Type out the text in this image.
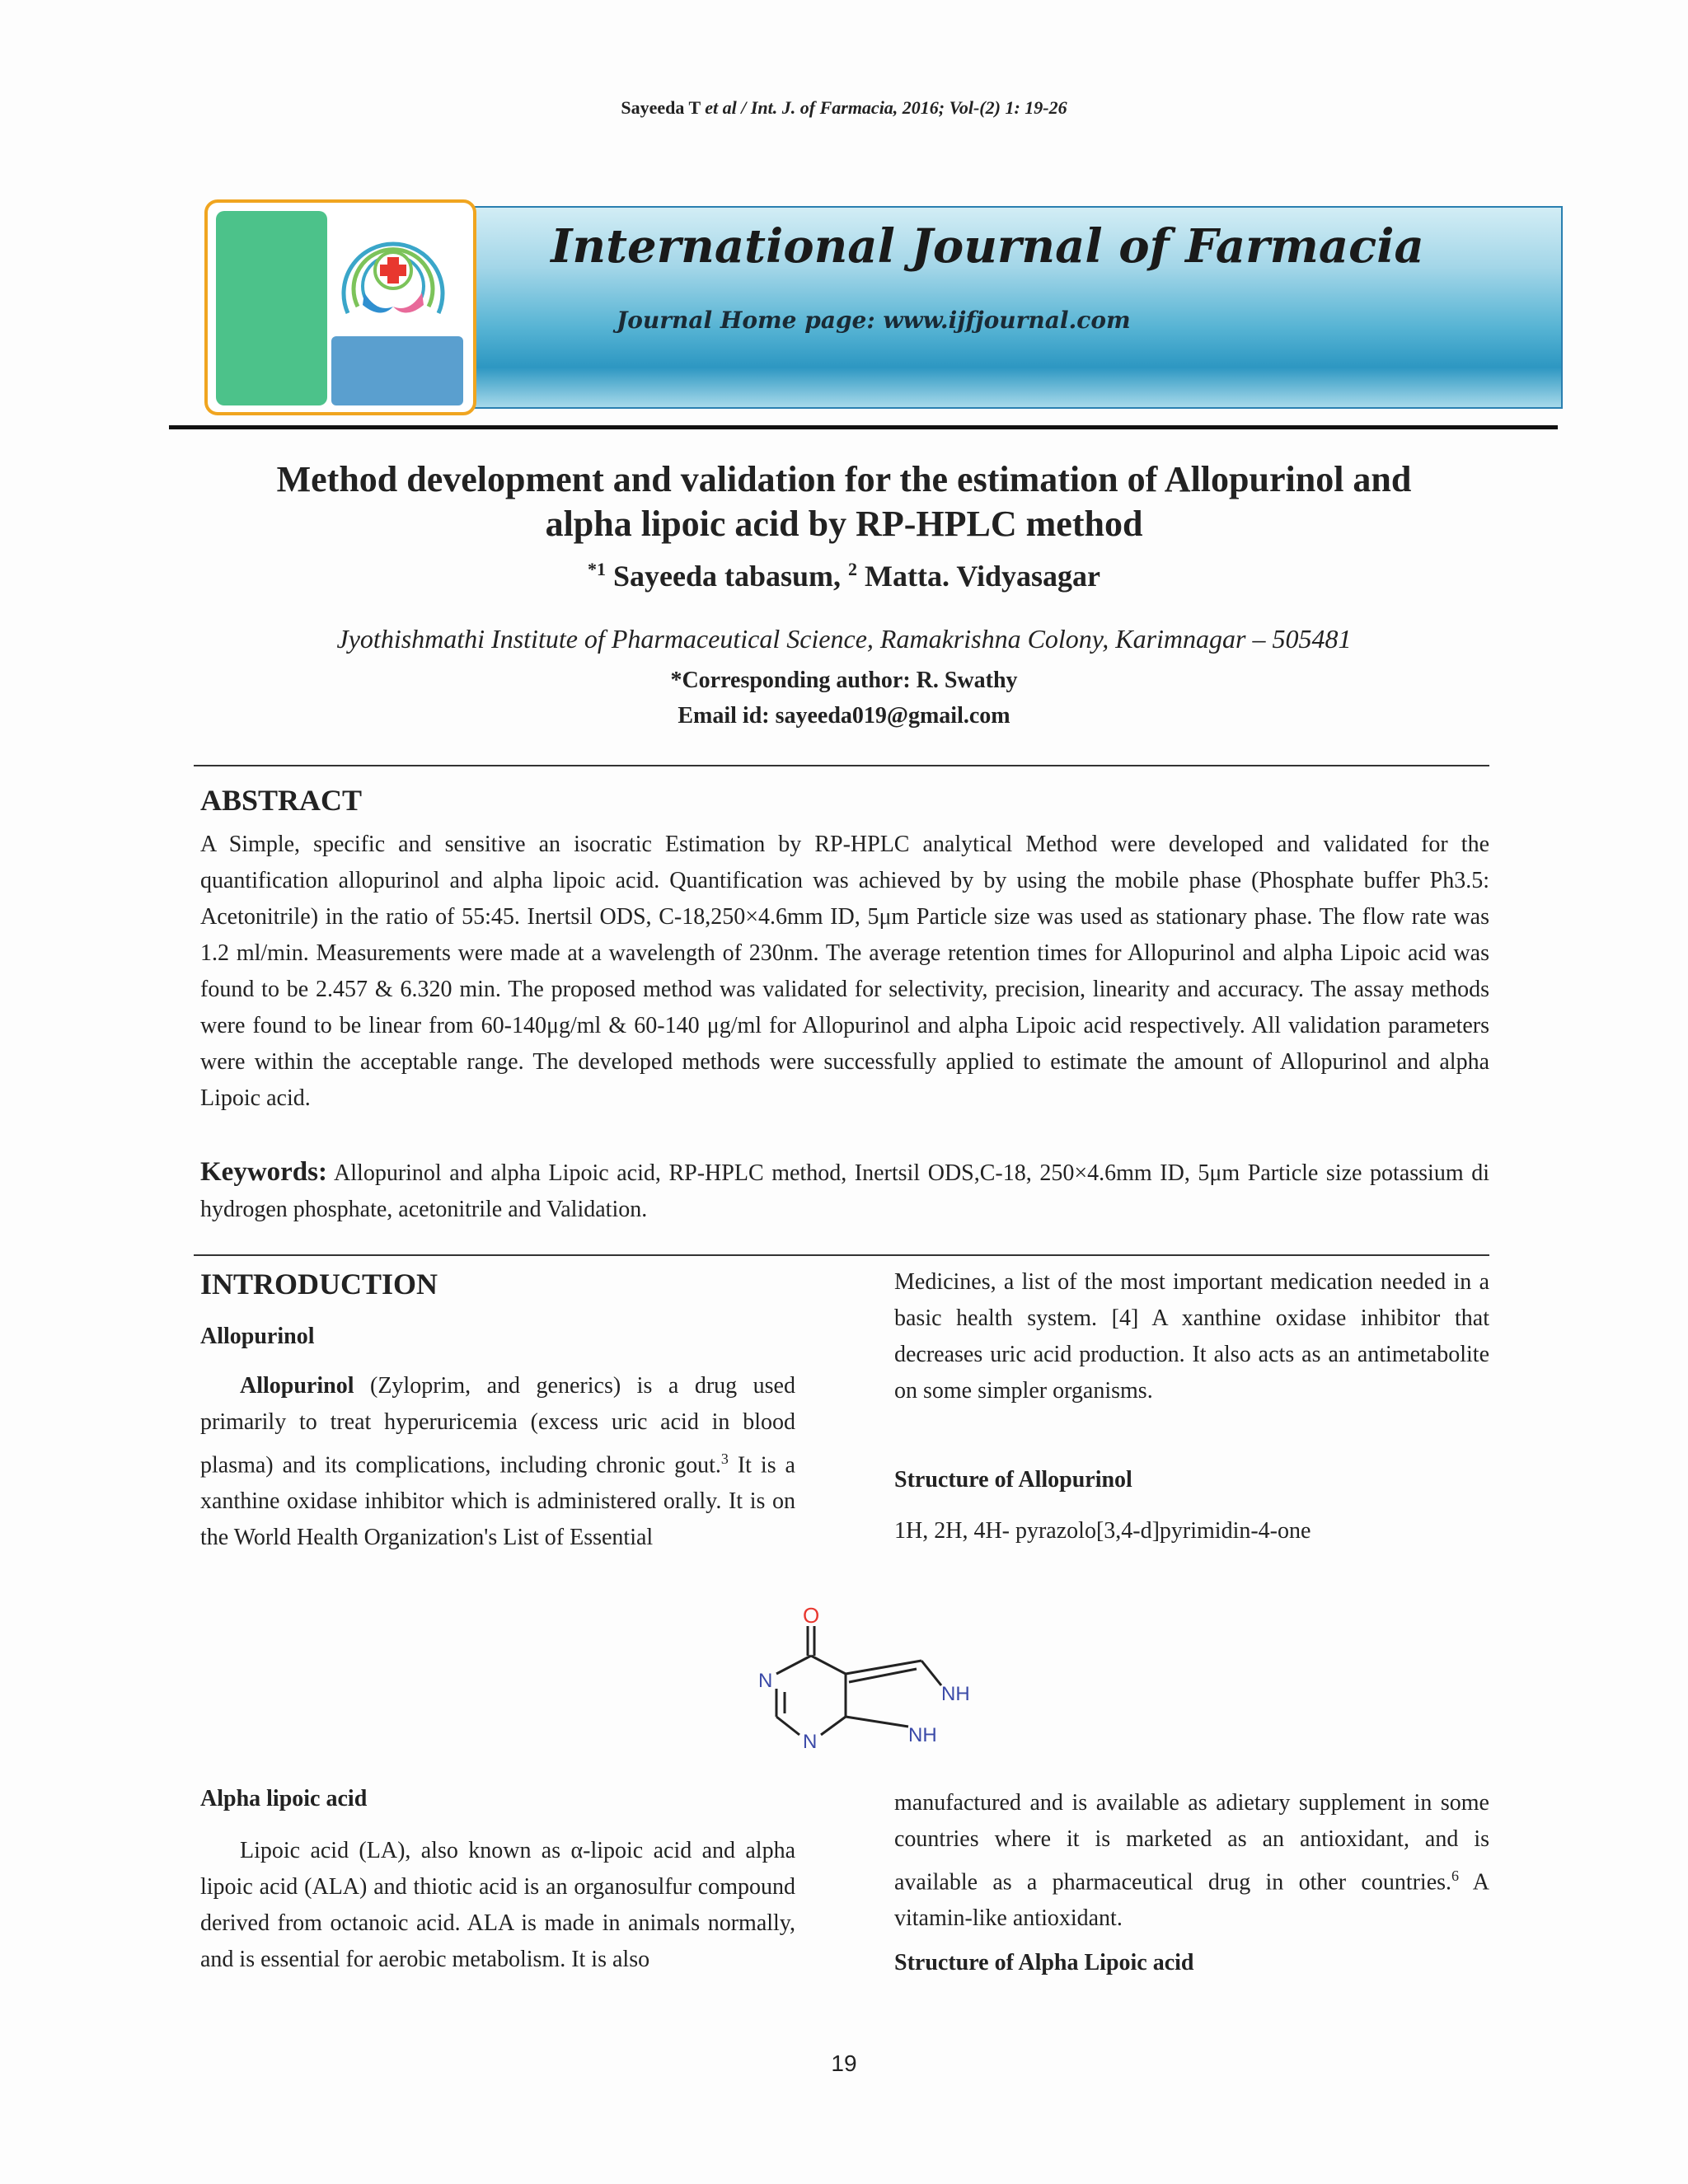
Sayeeda T et al / Int. J. of Farmacia, 2016; Vol-(2) 1: 19-26
International Journal of Farmacia
Journal Home page: www.ijfjournal.com
Method development and validation for the estimation of Allopurinol and
alpha lipoic acid by RP-HPLC method
$^{*1}$ Sayeeda tabasum, $^2$ Matta. Vidyasagar
Jyothishmathi Institute of Pharmaceutical Science, Ramakrishna Colony, Karimnagar – 505481
*Corresponding author: R. Swathy
Email id: sayeeda019@gmail.com
ABSTRACT
A Simple, specific and sensitive an isocratic Estimation by RP-HPLC analytical Method were developed and validated for the quantification allopurinol and alpha lipoic acid. Quantification was achieved by by using the mobile phase (Phosphate buffer Ph3.5: Acetonitrile) in the ratio of 55:45. Inertsil ODS, C-18,250×4.6mm ID, 5μm Particle size was used as stationary phase. The flow rate was 1.2 ml/min. Measurements were made at a wavelength of 230nm. The average retention times for Allopurinol and alpha Lipoic acid was found to be 2.457 & 6.320 min. The proposed method was validated for selectivity, precision, linearity and accuracy. The assay methods were found to be linear from 60-140μg/ml & 60-140 μg/ml for Allopurinol and alpha Lipoic acid respectively. All validation parameters were within the acceptable range. The developed methods were successfully applied to estimate the amount of Allopurinol and alpha Lipoic acid.
Keywords: Allopurinol and alpha Lipoic acid, RP-HPLC method, Inertsil ODS,C-18, 250×4.6mm ID, 5μm Particle size potassium di hydrogen phosphate, acetonitrile and Validation.
INTRODUCTION
Allopurinol
Allopurinol (Zyloprim, and generics) is a drug used primarily to treat hyperuricemia (excess uric acid in blood plasma) and its complications, including chronic gout.$^3$ It is a xanthine oxidase inhibitor which is administered orally. It is on the World Health Organization's List of Essential
Medicines, a list of the most important medication needed in a basic health system. [4] A xanthine oxidase inhibitor that decreases uric acid production. It also acts as an antimetabolite on some simpler organisms.
Structure of Allopurinol
1H, 2H, 4H- pyrazolo[3,4-d]pyrimidin-4-one
O
N
N
NH
NH
Alpha lipoic acid
Lipoic acid (LA), also known as α-lipoic acid and alpha lipoic acid (ALA) and thiotic acid is an organosulfur compound derived from octanoic acid. ALA is made in animals normally, and is essential for aerobic metabolism. It is also
manufactured and is available as adietary supplement in some countries where it is marketed as an antioxidant, and is available as a pharmaceutical drug in other countries.$^6$ A vitamin-like antioxidant.
Structure of Alpha Lipoic acid
19
